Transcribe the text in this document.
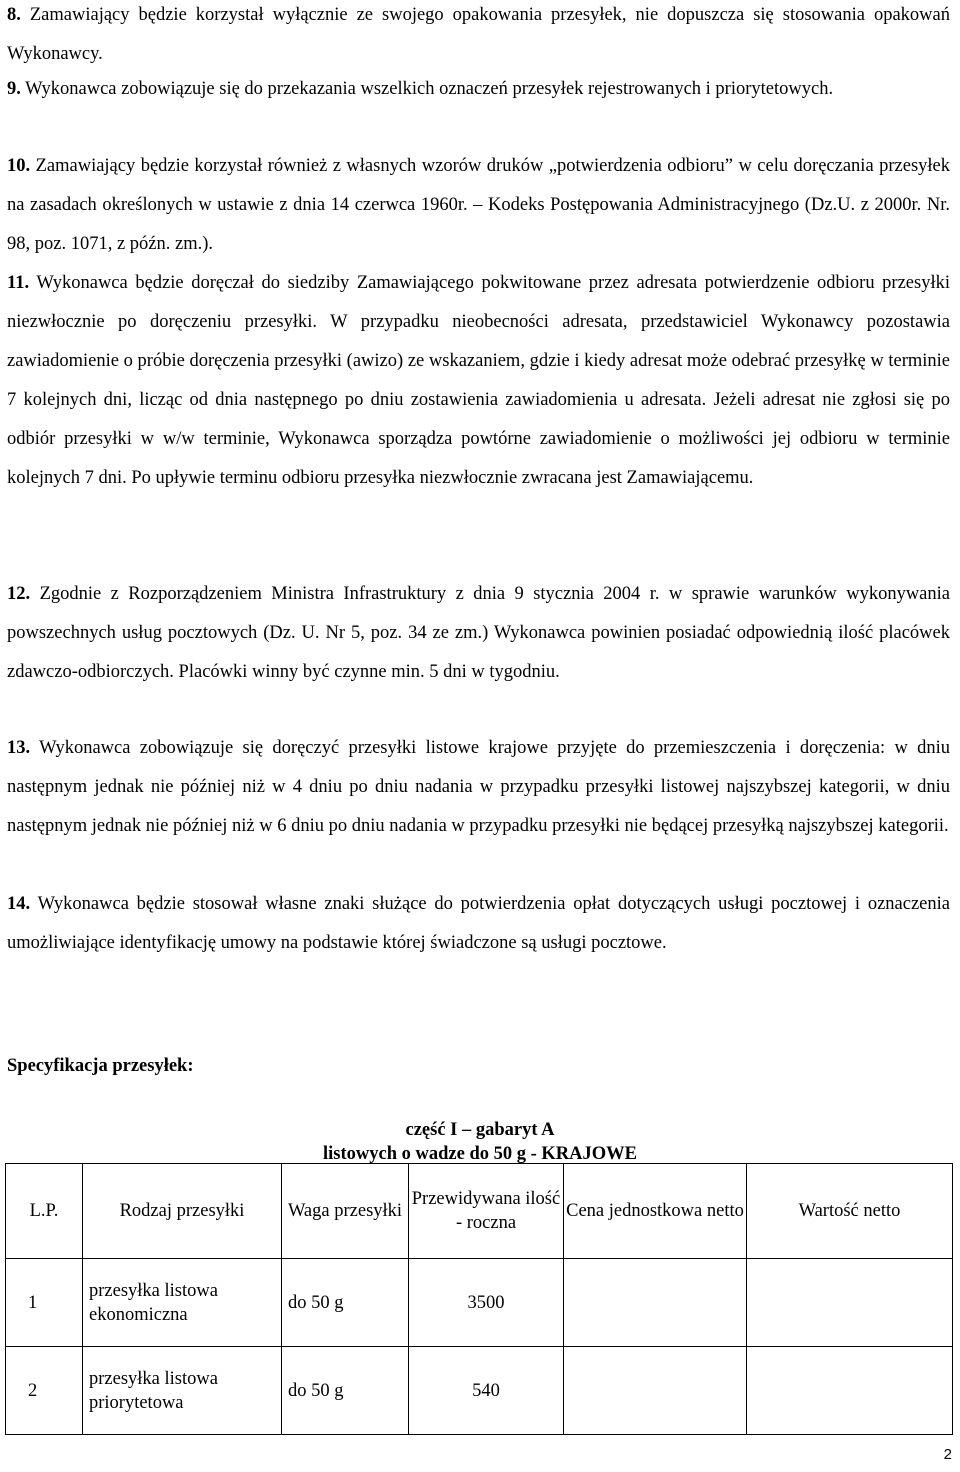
8. Zamawiający będzie korzystał wyłącznie ze swojego opakowania przesyłek, nie dopuszcza się stosowania opakowań Wykonawcy.
9. Wykonawca zobowiązuje się do przekazania wszelkich oznaczeń przesyłek rejestrowanych i priorytetowych.
10. Zamawiający będzie korzystał również z własnych wzorów druków „potwierdzenia odbioru” w celu doręczania przesyłek na zasadach określonych w ustawie z dnia 14 czerwca 1960r. – Kodeks Postępowania Administracyjnego (Dz.U. z 2000r. Nr. 98, poz. 1071, z późn. zm.).
11. Wykonawca będzie doręczał do siedziby Zamawiającego pokwitowane przez adresata potwierdzenie odbioru przesyłki niezwłocznie po doręczeniu przesyłki. W przypadku nieobecności adresata, przedstawiciel Wykonawcy pozostawia zawiadomienie o próbie doręczenia przesyłki (awizo) ze wskazaniem, gdzie i kiedy adresat może odebrać przesyłkę w terminie 7 kolejnych dni, licząc od dnia następnego po dniu zostawienia zawiadomienia u adresata. Jeżeli adresat nie zgłosi się po odbiór przesyłki w w/w terminie, Wykonawca sporządza powtórne zawiadomienie o możliwości jej odbioru w terminie kolejnych 7 dni. Po upływie terminu odbioru przesyłka niezwłocznie zwracana jest Zamawiającemu.
12. Zgodnie z Rozporządzeniem Ministra Infrastruktury z dnia 9 stycznia 2004 r. w sprawie warunków wykonywania powszechnych usług pocztowych (Dz. U. Nr 5, poz. 34 ze zm.) Wykonawca powinien posiadać odpowiednią ilość placówek zdawczo-odbiorczych. Placówki winny być czynne min. 5 dni w tygodniu.
13. Wykonawca zobowiązuje się doręczyć przesyłki listowe krajowe przyjęte do przemieszczenia i doręczenia: w dniu następnym jednak nie później niż w 4 dniu po dniu nadania w przypadku przesyłki listowej najszybszej kategorii, w dniu następnym jednak nie później niż w 6 dniu po dniu nadania w przypadku przesyłki nie będącej przesyłką najszybszej kategorii.
14. Wykonawca będzie stosował własne znaki służące do potwierdzenia opłat dotyczących usługi pocztowej i oznaczenia umożliwiające identyfikację umowy na podstawie której świadczone są usługi pocztowe.
Specyfikacja przesyłek:
część I – gabaryt A
listowych o wadze do 50 g - KRAJOWE
L.P.	Rodzaj przesyłki	Waga przesyłki	Przewidywana ilość - roczna	Cena jednostkowa netto	Wartość netto
1	przesyłka listowa ekonomiczna	do 50 g	3500		
2	przesyłka listowa priorytetowa	do 50 g	540		
2
